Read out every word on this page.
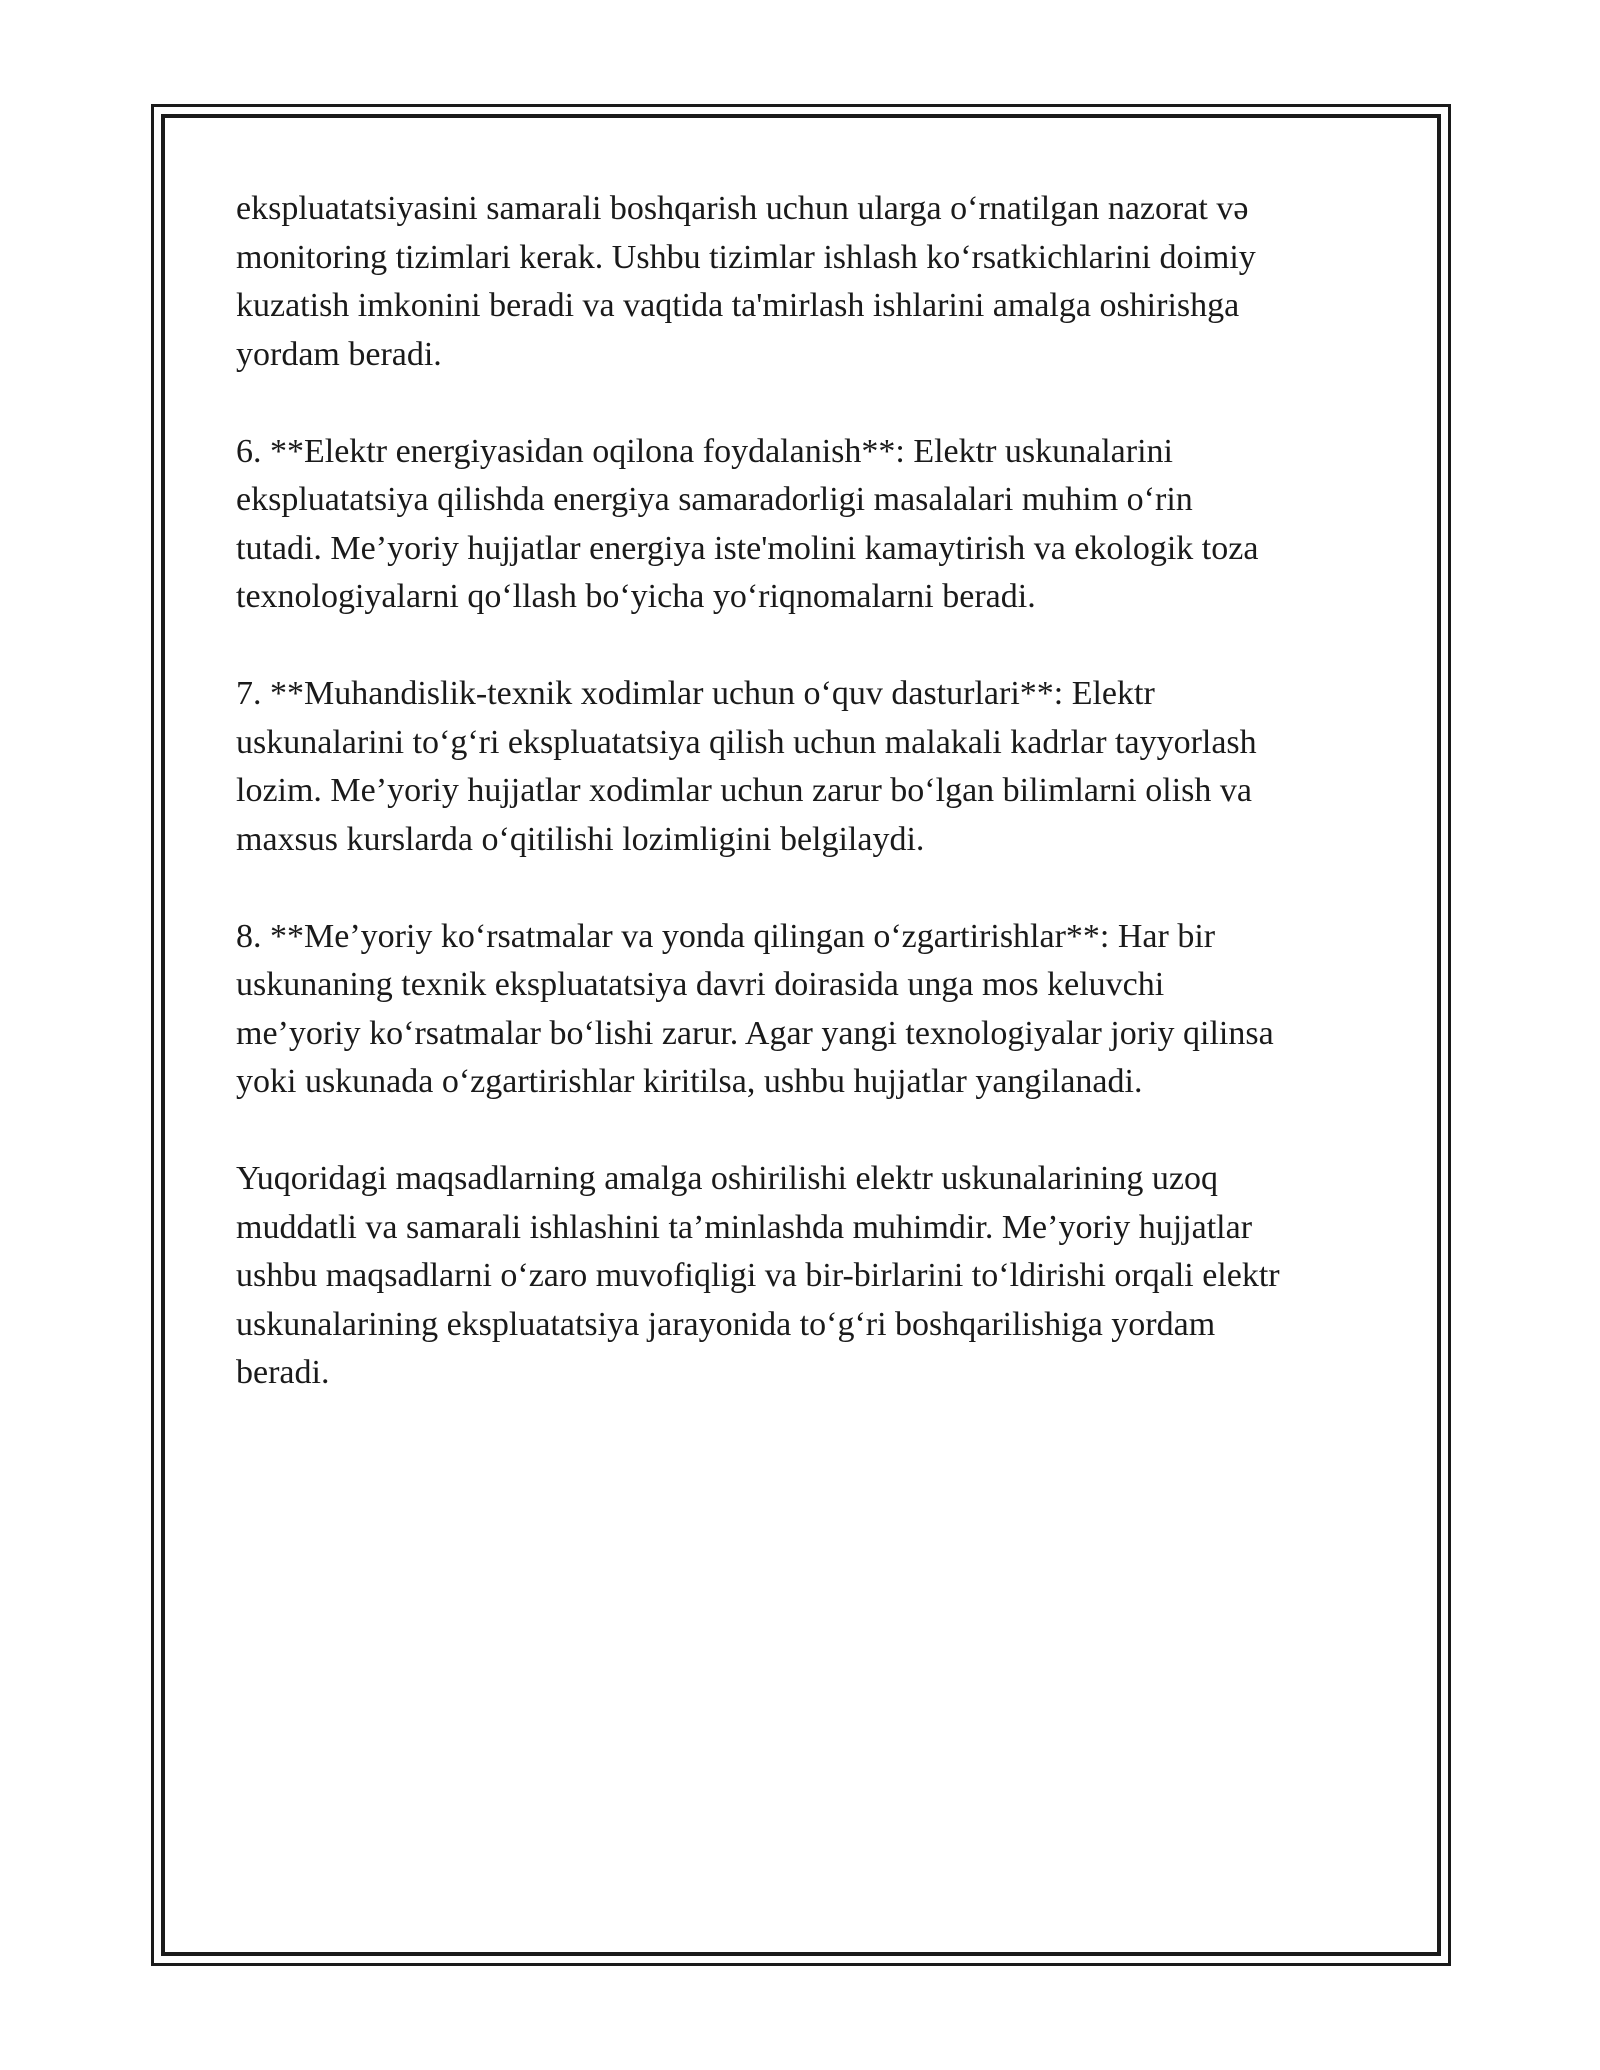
ekspluatatsiyasini samarali boshqarish uchun ularga o‘rnatilgan nazorat və
monitoring tizimlari kerak. Ushbu tizimlar ishlash ko‘rsatkichlarini doimiy
kuzatish imkonini beradi va vaqtida ta'mirlash ishlarini amalga oshirishga
yordam beradi.

6. **Elektr energiyasidan oqilona foydalanish**: Elektr uskunalarini
ekspluatatsiya qilishda energiya samaradorligi masalalari muhim o‘rin
tutadi. Me’yoriy hujjatlar energiya iste'molini kamaytirish va ekologik toza
texnologiyalarni qo‘llash bo‘yicha yo‘riqnomalarni beradi.

7. **Muhandislik-texnik xodimlar uchun o‘quv dasturlari**: Elektr
uskunalarini to‘g‘ri ekspluatatsiya qilish uchun malakali kadrlar tayyorlash
lozim. Me’yoriy hujjatlar xodimlar uchun zarur bo‘lgan bilimlarni olish va
maxsus kurslarda o‘qitilishi lozimligini belgilaydi.

8. **Me’yoriy ko‘rsatmalar va yonda qilingan o‘zgartirishlar**: Har bir
uskunaning texnik ekspluatatsiya davri doirasida unga mos keluvchi
me’yoriy ko‘rsatmalar bo‘lishi zarur. Agar yangi texnologiyalar joriy qilinsa
yoki uskunada o‘zgartirishlar kiritilsa, ushbu hujjatlar yangilanadi.

Yuqoridagi maqsadlarning amalga oshirilishi elektr uskunalarining uzoq
muddatli va samarali ishlashini ta’minlashda muhimdir. Me’yoriy hujjatlar
ushbu maqsadlarni o‘zaro muvofiqligi va bir-birlarini to‘ldirishi orqali elektr
uskunalarining ekspluatatsiya jarayonida to‘g‘ri boshqarilishiga yordam
beradi.
